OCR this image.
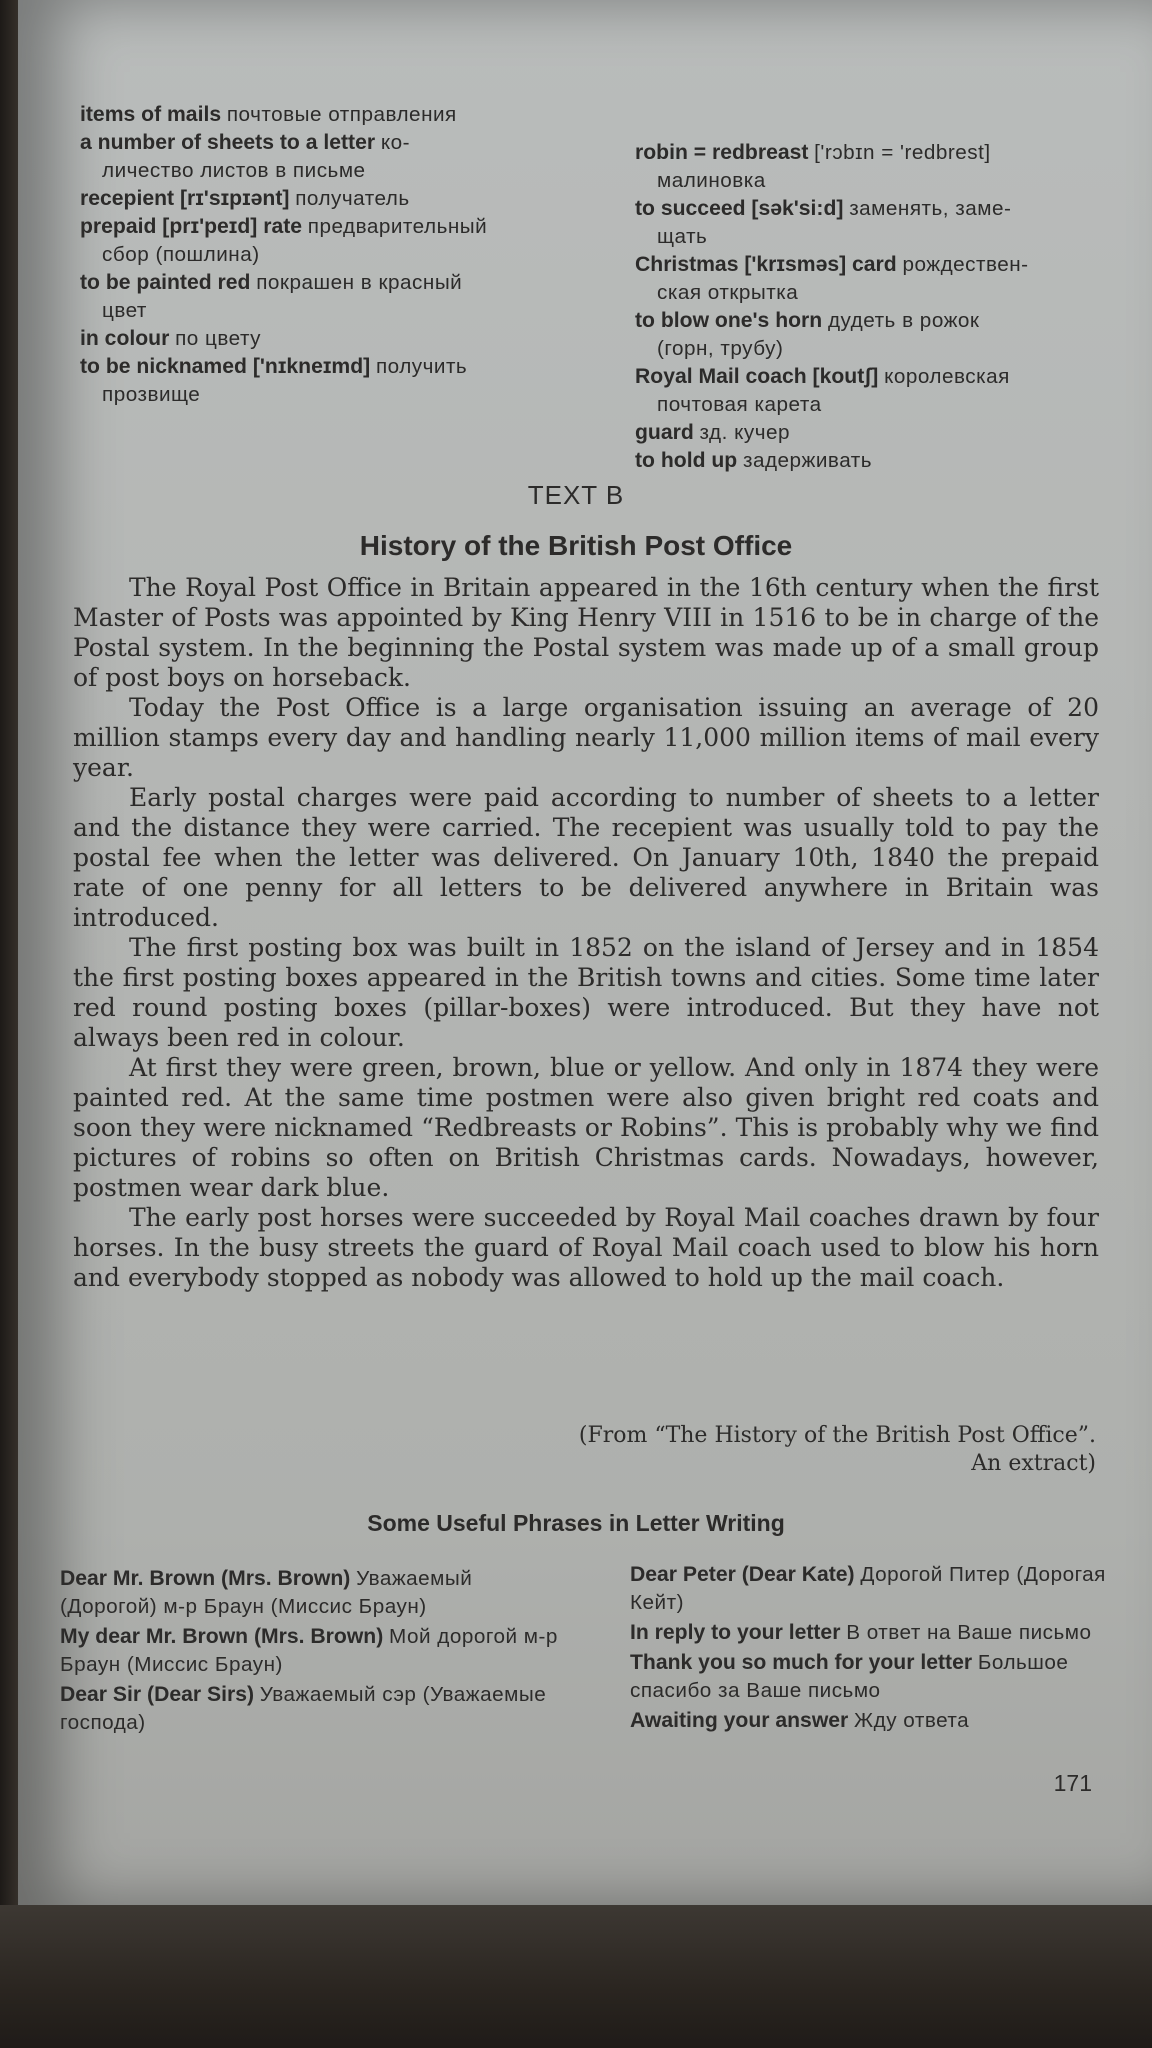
items of mails почтовые отправления
a number of sheets to a letter ко-
личество листов в письме
recepient [rɪ'sɪpɪənt] получатель
prepaid [prɪ'peɪd] rate предварительный
сбор (пошлина)
to be painted red покрашен в красный
цвет
in colour по цвету
to be nicknamed ['nɪkneɪmd] получить
прозвище
robin = redbreast ['rɔbɪn = 'redbrest]
малиновка
to succeed [sək'si:d] заменять, заме-
щать
Christmas ['krɪsməs] card рождествен-
ская открытка
to blow one's horn дудеть в рожок
(горн, трубу)
Royal Mail coach [koutʃ] королевская
почтовая карета
guard зд. кучер
to hold up задерживать
TEXT B
History of the British Post Office

The Royal Post Office in Britain appeared in the 16th century when the first Master of Posts was appointed by King Henry VIII in 1516 to be in charge of the Postal system. In the beginning the Postal system was made up of a small group of post boys on horseback.

Today the Post Office is a large organisation issuing an average of 20 million stamps every day and handling nearly 11,000 million items of mail every year.

Early postal charges were paid according to number of sheets to a letter and the distance they were carried. The recepient was usually told to pay the postal fee when the letter was delivered. On January 10th, 1840 the prepaid rate of one penny for all letters to be delivered anywhere in Britain was introduced.

The first posting box was built in 1852 on the island of Jersey and in 1854 the first posting boxes appeared in the British towns and cities. Some time later red round posting boxes (pillar-boxes) were introduced. But they have not always been red in colour.

At first they were green, brown, blue or yellow. And only in 1874 they were painted red. At the same time postmen were also given bright red coats and soon they were nicknamed “Redbreasts or Robins”. This is probably why we find pictures of robins so often on British Christmas cards. Nowadays, however, postmen wear dark blue.

The early post horses were succeeded by Royal Mail coaches drawn by four horses. In the busy streets the guard of Royal Mail coach used to blow his horn and everybody stopped as nobody was allowed to hold up the mail coach.

(From “The History of the British Post Office”. An extract)
Some Useful Phrases in Letter Writing
Dear Mr. Brown (Mrs. Brown) Уважаемый (Дорогой) м-р Браун (Миссис Браун)
My dear Mr. Brown (Mrs. Brown) Мой дорогой м-р Браун (Миссис Браун)
Dear Sir (Dear Sirs) Уважаемый сэр (Уважаемые господа)
Dear Peter (Dear Kate) Дорогой Питер (Дорогая Кейт)
In reply to your letter В ответ на Ваше письмо
Thank you so much for your letter Большое спасибо за Ваше письмо
Awaiting your answer Жду ответа
171
